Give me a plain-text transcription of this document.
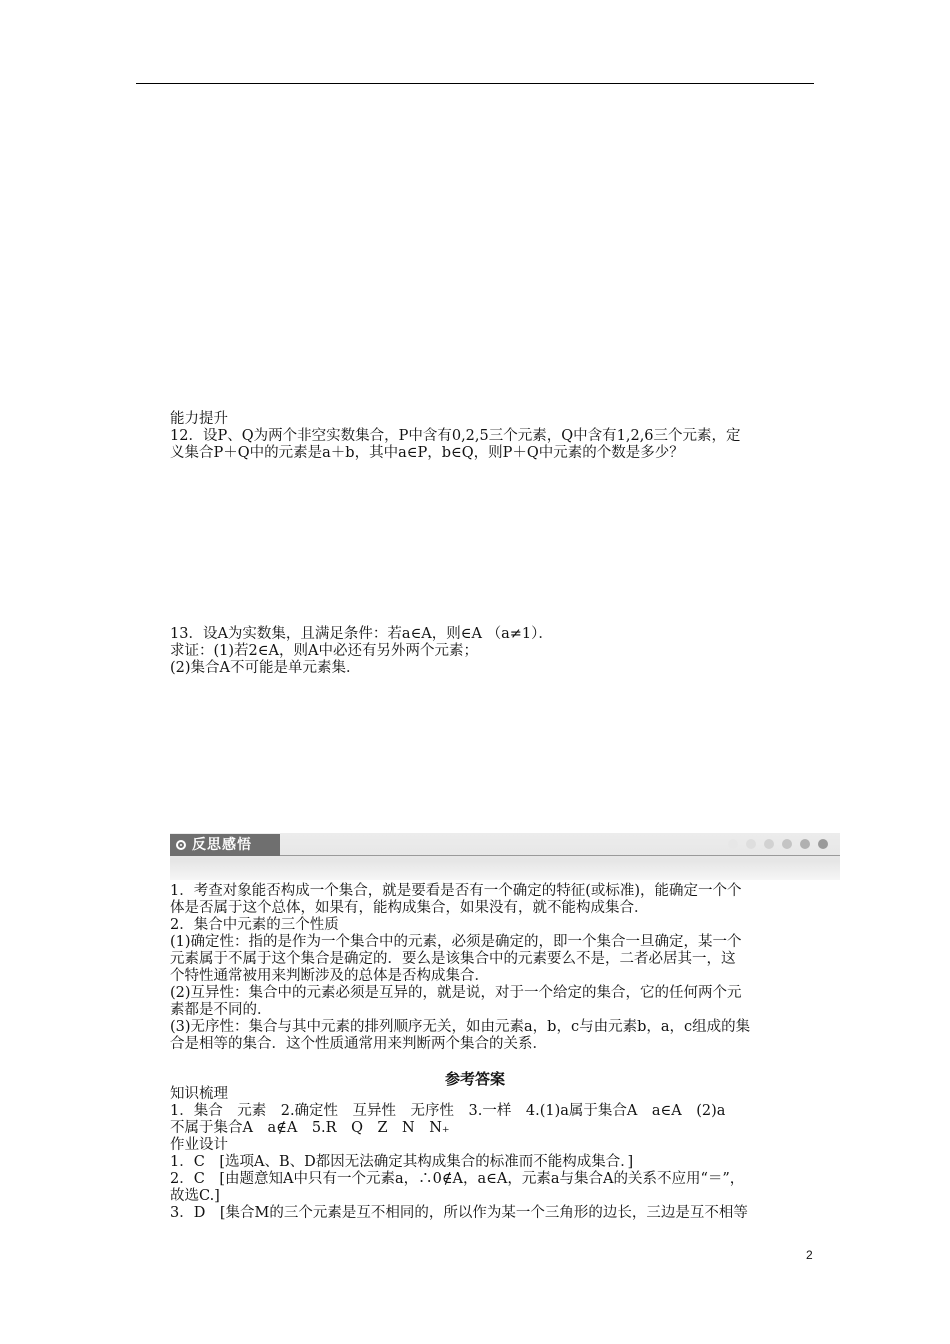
能力提升
12．设P、Q为两个非空实数集合，P中含有0,2,5三个元素，Q中含有1,2,6三个元素，定
义集合P＋Q中的元素是a＋b，其中a∈P，b∈Q，则P＋Q中元素的个数是多少？
13．设A为实数集，且满足条件：若a∈A，则∈A （a≠1）．
求证：(1)若2∈A，则A中必还有另外两个元素；
(2)集合A不可能是单元素集．
反思感悟
1．考查对象能否构成一个集合，就是要看是否有一个确定的特征(或标准)，能确定一个个
体是否属于这个总体，如果有，能构成集合，如果没有，就不能构成集合．
2．集合中元素的三个性质
(1)确定性：指的是作为一个集合中的元素，必须是确定的，即一个集合一旦确定，某一个
元素属于不属于这个集合是确定的．要么是该集合中的元素要么不是，二者必居其一，这
个特性通常被用来判断涉及的总体是否构成集合．
(2)互异性：集合中的元素必须是互异的，就是说，对于一个给定的集合，它的任何两个元
素都是不同的．
(3)无序性：集合与其中元素的排列顺序无关，如由元素a，b，c与由元素b，a，c组成的集
合是相等的集合．这个性质通常用来判断两个集合的关系．
参考答案
知识梳理
1．集合　元素　2.确定性　互异性　无序性　3.一样　4.(1)a属于集合A　a∈A　(2)a
不属于集合A　a∉A　5.R　Q　Z　N　N₊
作业设计
1．C　[选项A、B、D都因无法确定其构成集合的标准而不能构成集合．]
2．C　[由题意知A中只有一个元素a，∴0∉A，a∈A，元素a与集合A的关系不应用“＝”，
故选C.]
3．D　[集合M的三个元素是互不相同的，所以作为某一个三角形的边长，三边是互不相等
2
